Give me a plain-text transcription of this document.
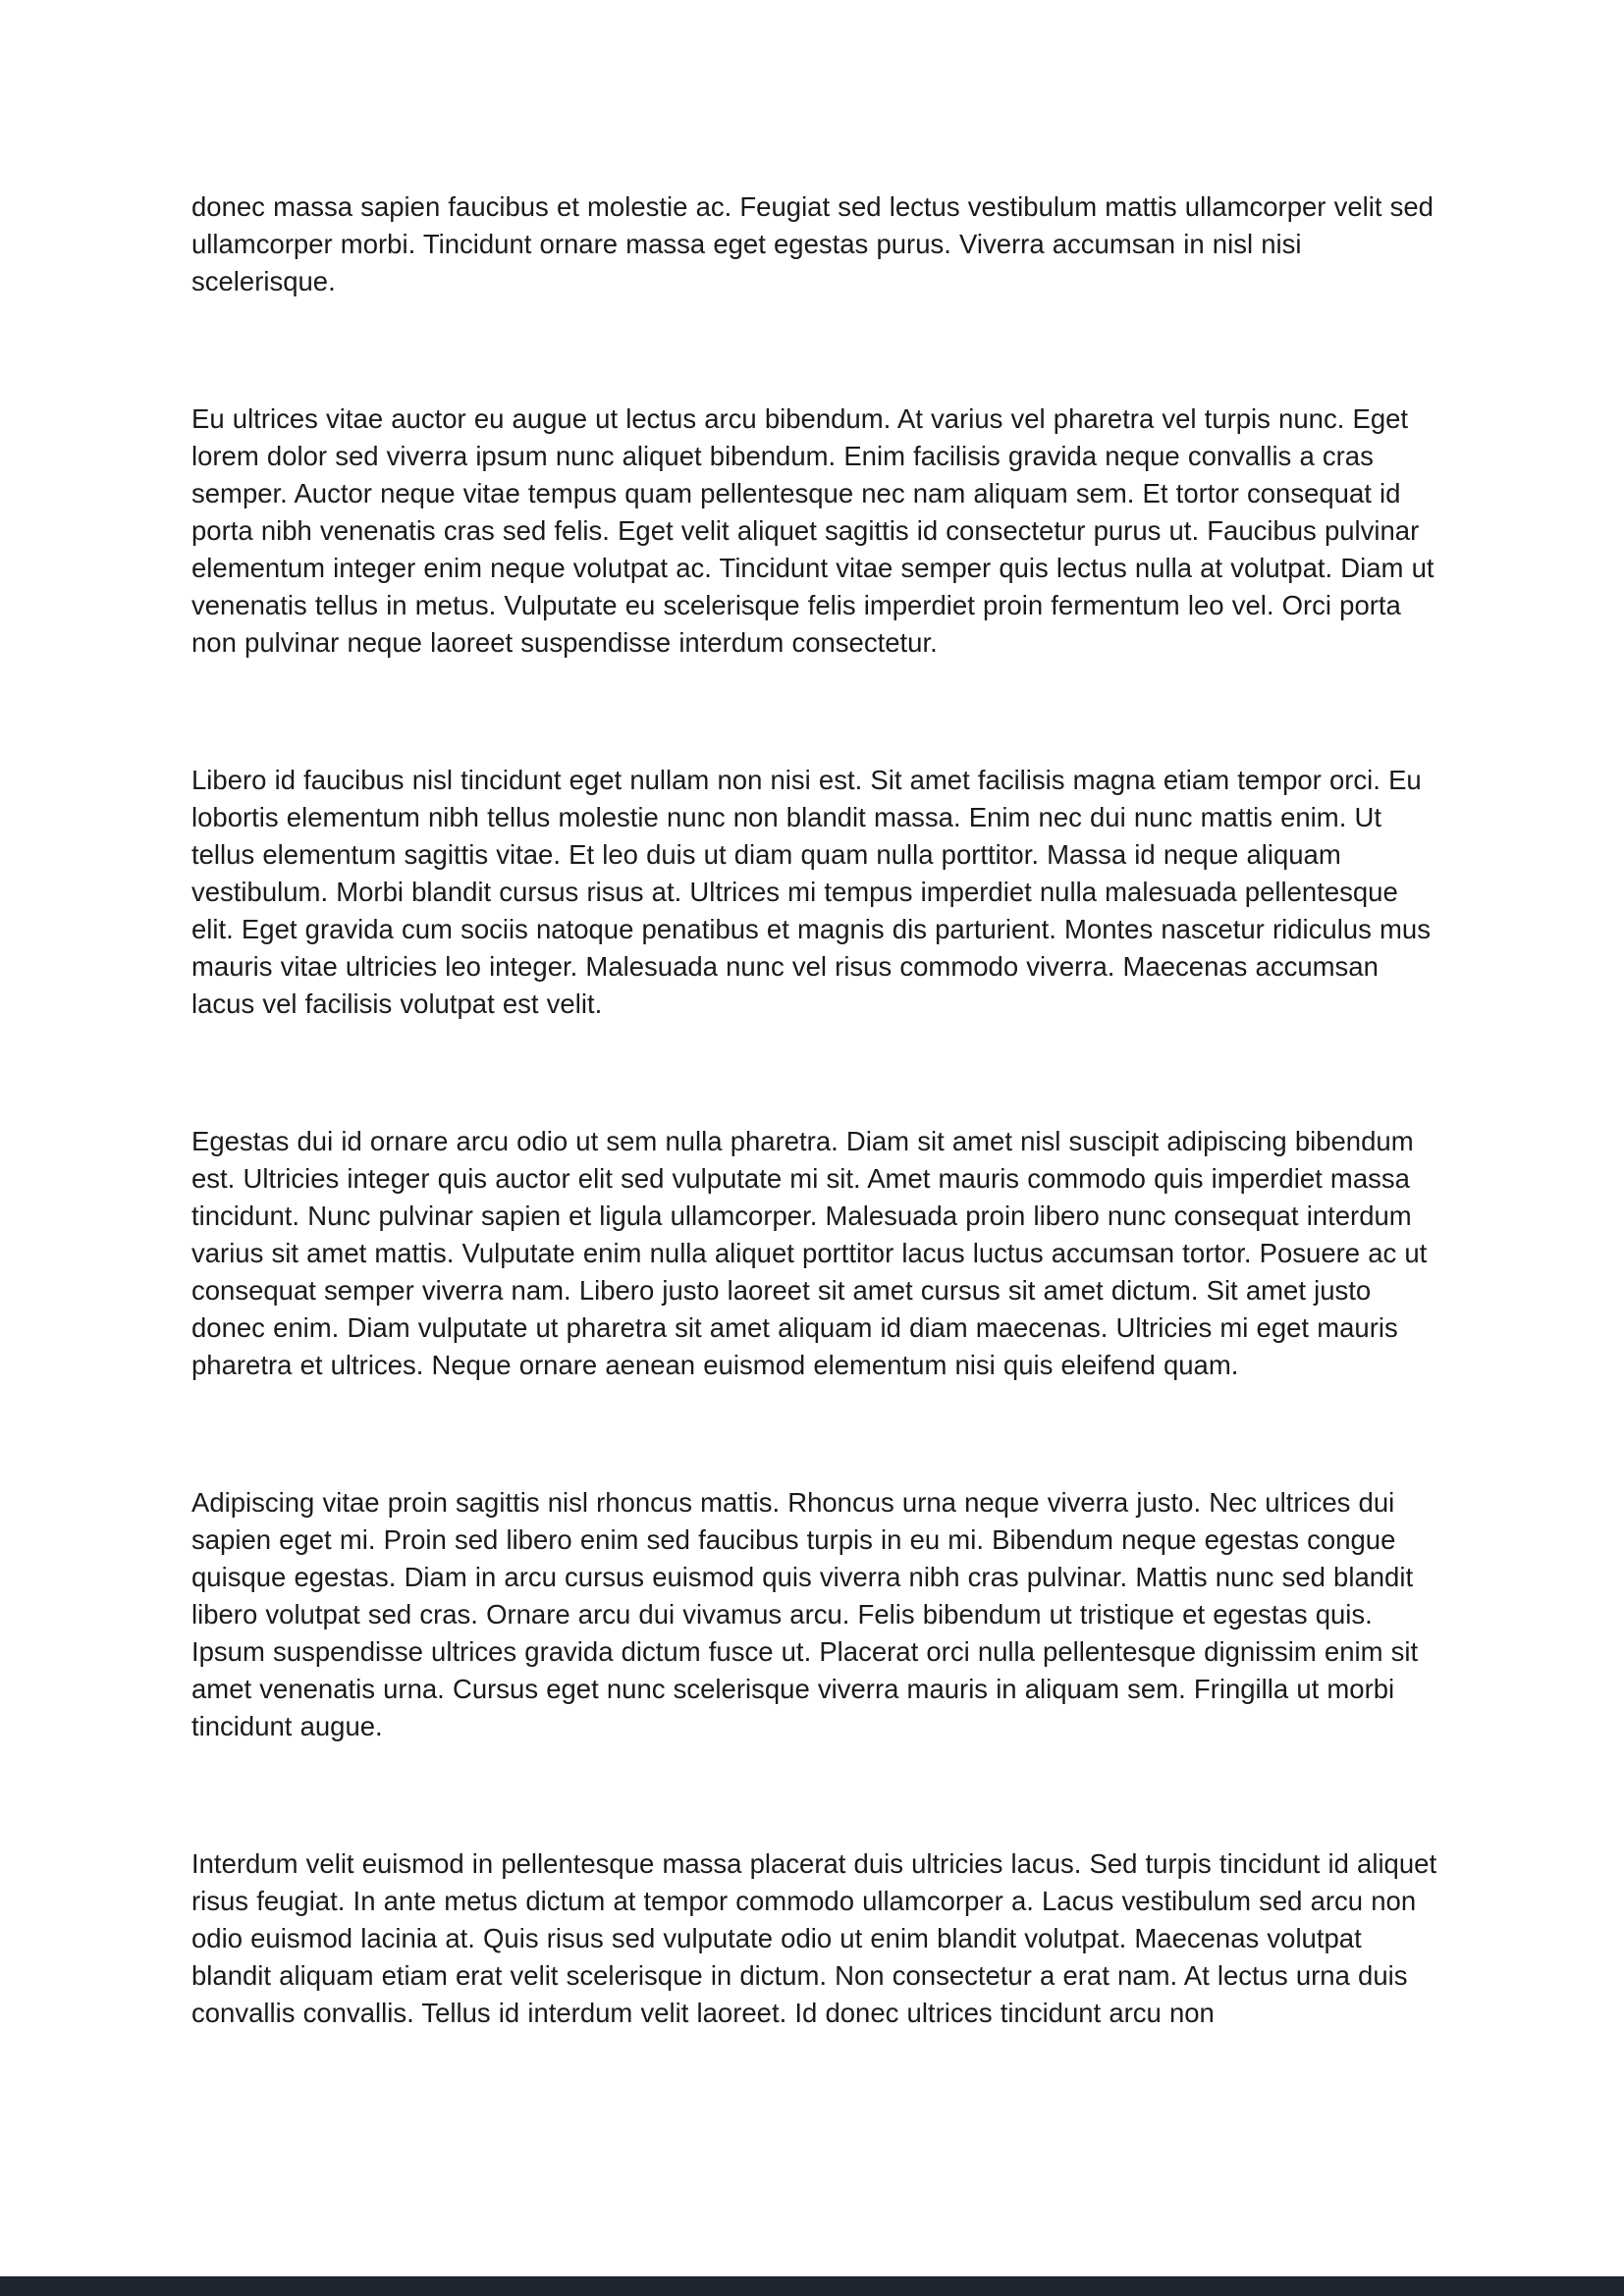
donec massa sapien faucibus et molestie ac. Feugiat sed lectus vestibulum mattis ullamcorper velit sed ullamcorper morbi. Tincidunt ornare massa eget egestas purus. Viverra accumsan in nisl nisi scelerisque.

Eu ultrices vitae auctor eu augue ut lectus arcu bibendum. At varius vel pharetra vel turpis nunc. Eget lorem dolor sed viverra ipsum nunc aliquet bibendum. Enim facilisis gravida neque convallis a cras semper. Auctor neque vitae tempus quam pellentesque nec nam aliquam sem. Et tortor consequat id porta nibh venenatis cras sed felis. Eget velit aliquet sagittis id consectetur purus ut. Faucibus pulvinar elementum integer enim neque volutpat ac. Tincidunt vitae semper quis lectus nulla at volutpat. Diam ut venenatis tellus in metus. Vulputate eu scelerisque felis imperdiet proin fermentum leo vel. Orci porta non pulvinar neque laoreet suspendisse interdum consectetur.

Libero id faucibus nisl tincidunt eget nullam non nisi est. Sit amet facilisis magna etiam tempor orci. Eu lobortis elementum nibh tellus molestie nunc non blandit massa. Enim nec dui nunc mattis enim. Ut tellus elementum sagittis vitae. Et leo duis ut diam quam nulla porttitor. Massa id neque aliquam vestibulum. Morbi blandit cursus risus at. Ultrices mi tempus imperdiet nulla malesuada pellentesque elit. Eget gravida cum sociis natoque penatibus et magnis dis parturient. Montes nascetur ridiculus mus mauris vitae ultricies leo integer. Malesuada nunc vel risus commodo viverra. Maecenas accumsan lacus vel facilisis volutpat est velit.

Egestas dui id ornare arcu odio ut sem nulla pharetra. Diam sit amet nisl suscipit adipiscing bibendum est. Ultricies integer quis auctor elit sed vulputate mi sit. Amet mauris commodo quis imperdiet massa tincidunt. Nunc pulvinar sapien et ligula ullamcorper. Malesuada proin libero nunc consequat interdum varius sit amet mattis. Vulputate enim nulla aliquet porttitor lacus luctus accumsan tortor. Posuere ac ut consequat semper viverra nam. Libero justo laoreet sit amet cursus sit amet dictum. Sit amet justo donec enim. Diam vulputate ut pharetra sit amet aliquam id diam maecenas. Ultricies mi eget mauris pharetra et ultrices. Neque ornare aenean euismod elementum nisi quis eleifend quam.

Adipiscing vitae proin sagittis nisl rhoncus mattis. Rhoncus urna neque viverra justo. Nec ultrices dui sapien eget mi. Proin sed libero enim sed faucibus turpis in eu mi. Bibendum neque egestas congue quisque egestas. Diam in arcu cursus euismod quis viverra nibh cras pulvinar. Mattis nunc sed blandit libero volutpat sed cras. Ornare arcu dui vivamus arcu. Felis bibendum ut tristique et egestas quis. Ipsum suspendisse ultrices gravida dictum fusce ut. Placerat orci nulla pellentesque dignissim enim sit amet venenatis urna. Cursus eget nunc scelerisque viverra mauris in aliquam sem. Fringilla ut morbi tincidunt augue.

Interdum velit euismod in pellentesque massa placerat duis ultricies lacus. Sed turpis tincidunt id aliquet risus feugiat. In ante metus dictum at tempor commodo ullamcorper a. Lacus vestibulum sed arcu non odio euismod lacinia at. Quis risus sed vulputate odio ut enim blandit volutpat. Maecenas volutpat blandit aliquam etiam erat velit scelerisque in dictum. Non consectetur a erat nam. At lectus urna duis convallis convallis. Tellus id interdum velit laoreet. Id donec ultrices tincidunt arcu non
